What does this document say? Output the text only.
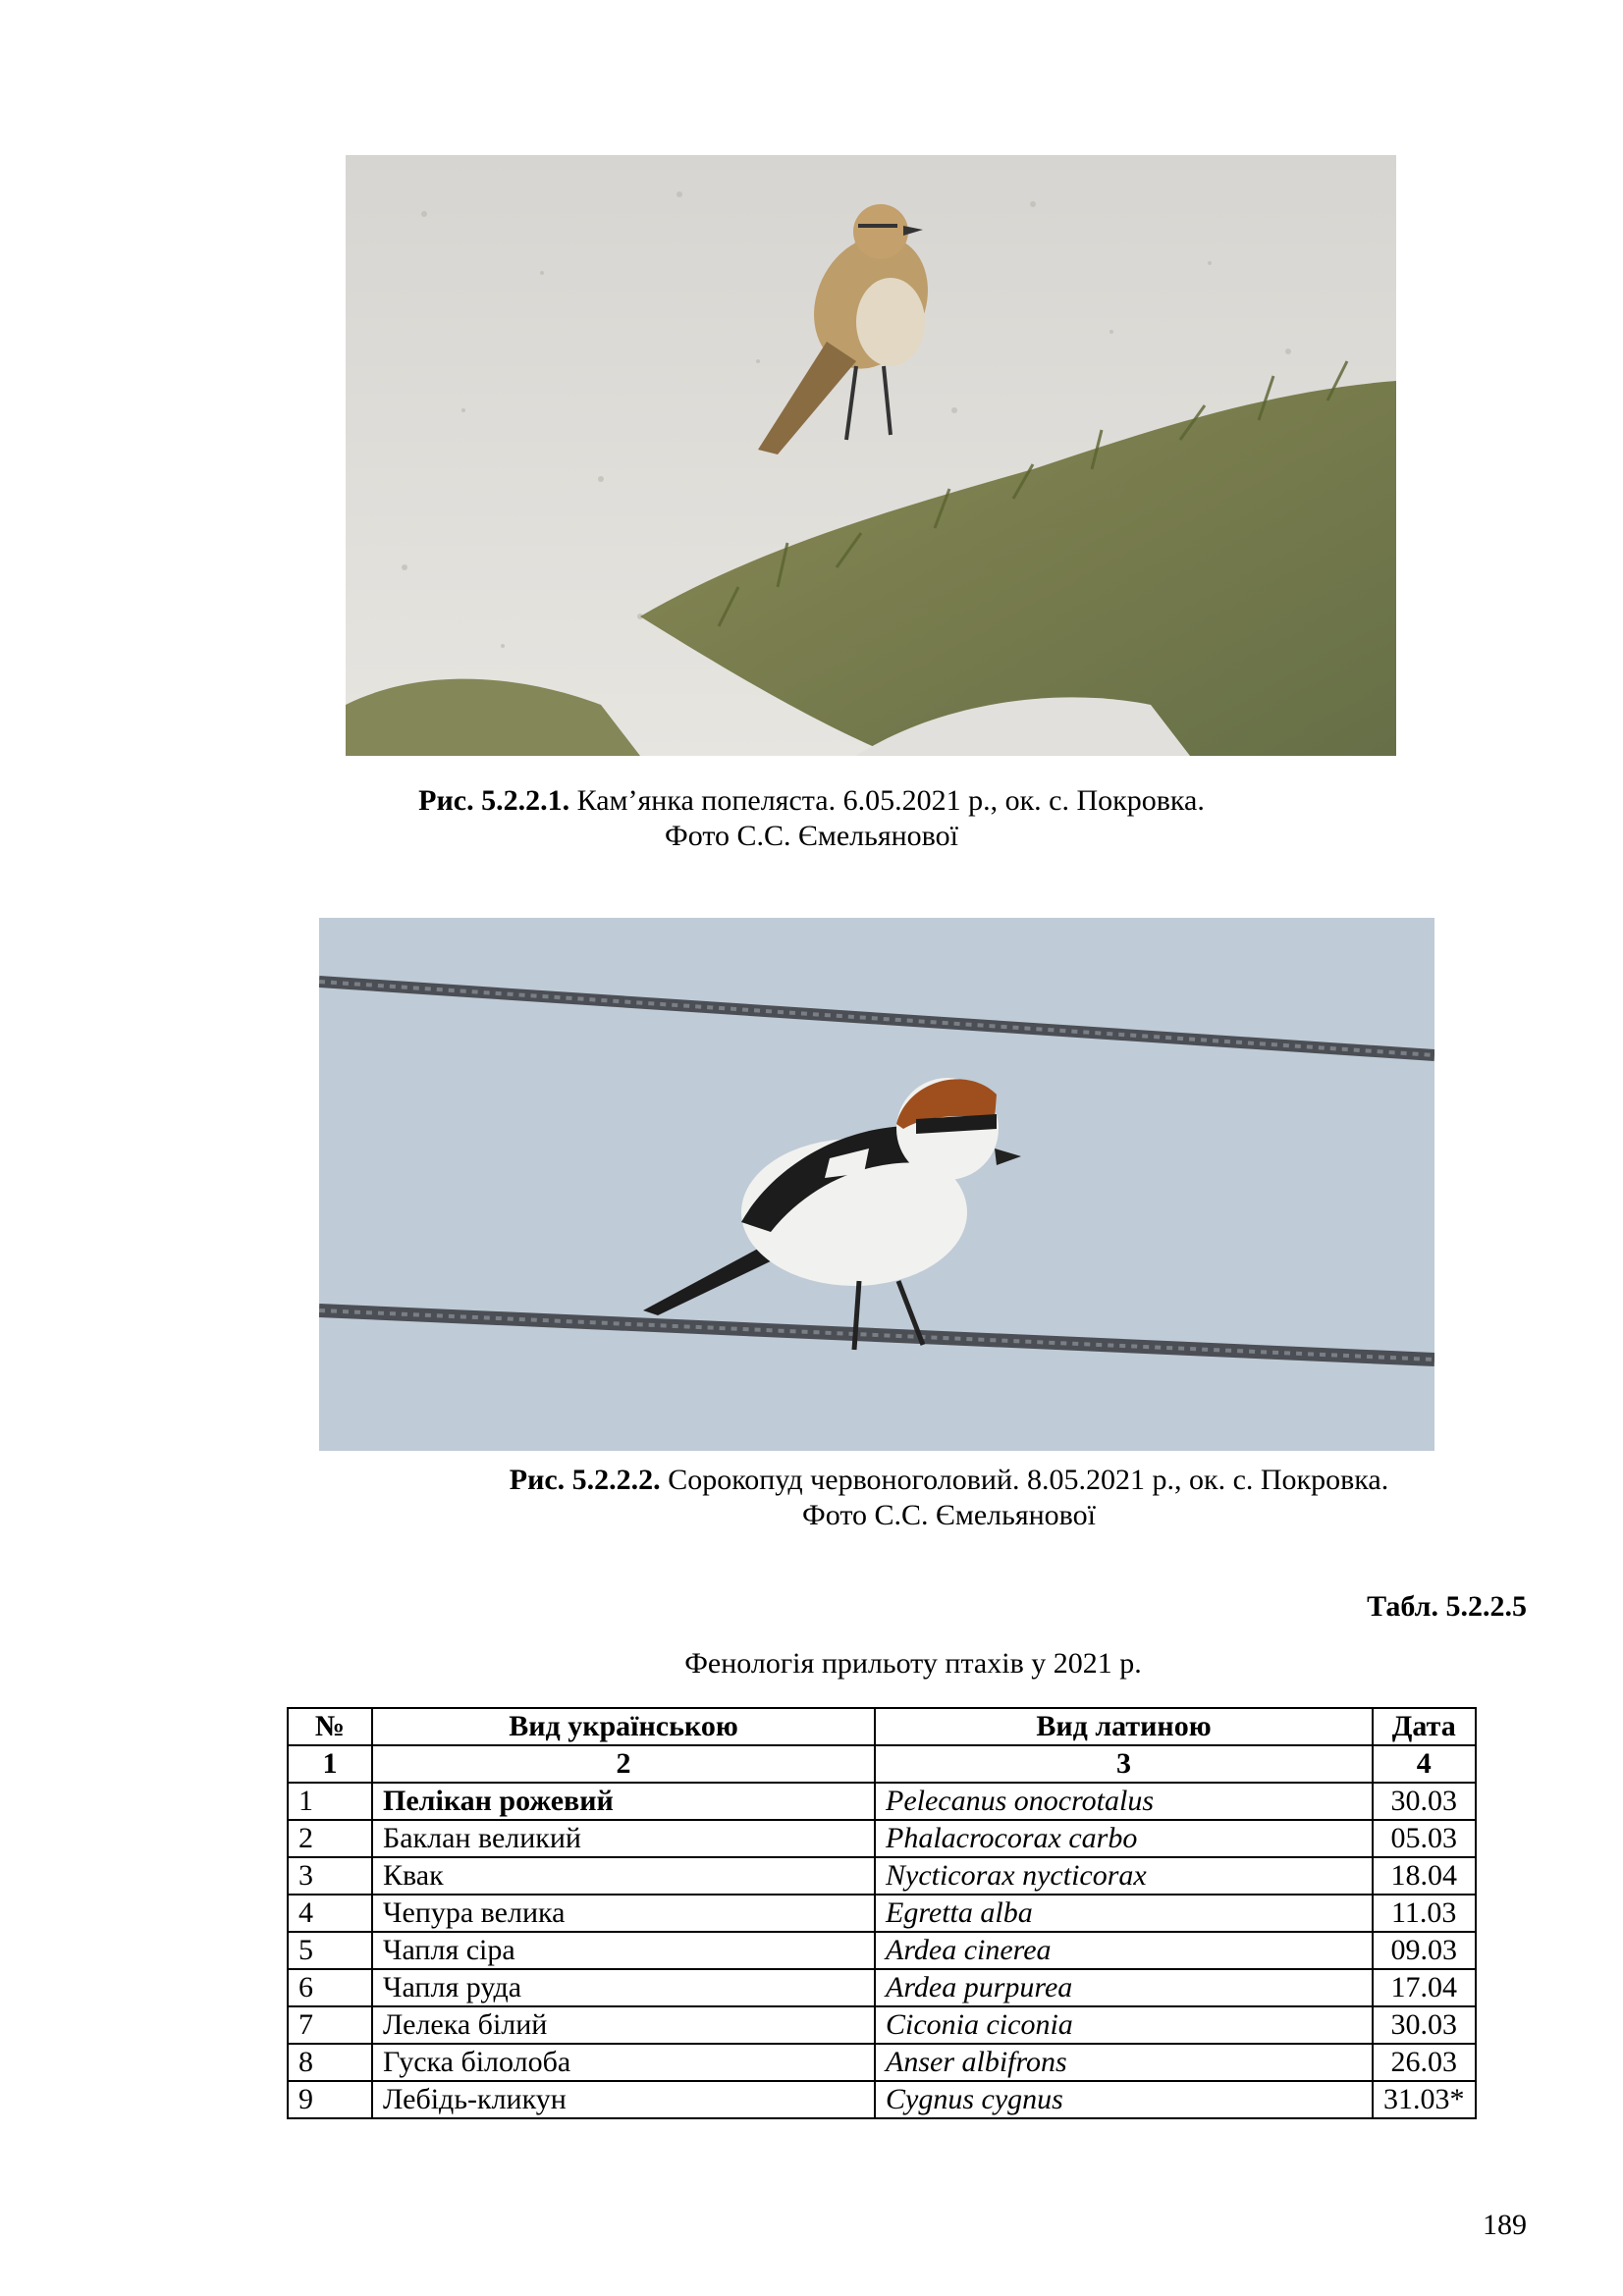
Рис. 5.2.2.1. Кам’янка попеляста. 6.05.2021 р., ок. с. Покровка.
Фото С.С. Ємельянової
Рис. 5.2.2.2. Сорокопуд червоноголовий. 8.05.2021 р., ок. с. Покровка.
Фото С.С. Ємельянової
Табл. 5.2.2.5
Фенологія прильоту птахів у 2021 р.
№	Вид українською	Вид латиною	Дата
1	2	3	4
1	Пелікан рожевий	Pelecanus onocrotalus	30.03
2	Баклан великий	Phalacrocorax carbo	05.03
3	Квак	Nycticorax nycticorax	18.04
4	Чепура велика	Egretta alba	11.03
5	Чапля сіра	Ardea cinerea	09.03
6	Чапля руда	Ardea purpurea	17.04
7	Лелека білий	Ciconia ciconia	30.03
8	Гуска білолоба	Anser albifrons	26.03
9	Лебідь-кликун	Cygnus cygnus	31.03*
189
